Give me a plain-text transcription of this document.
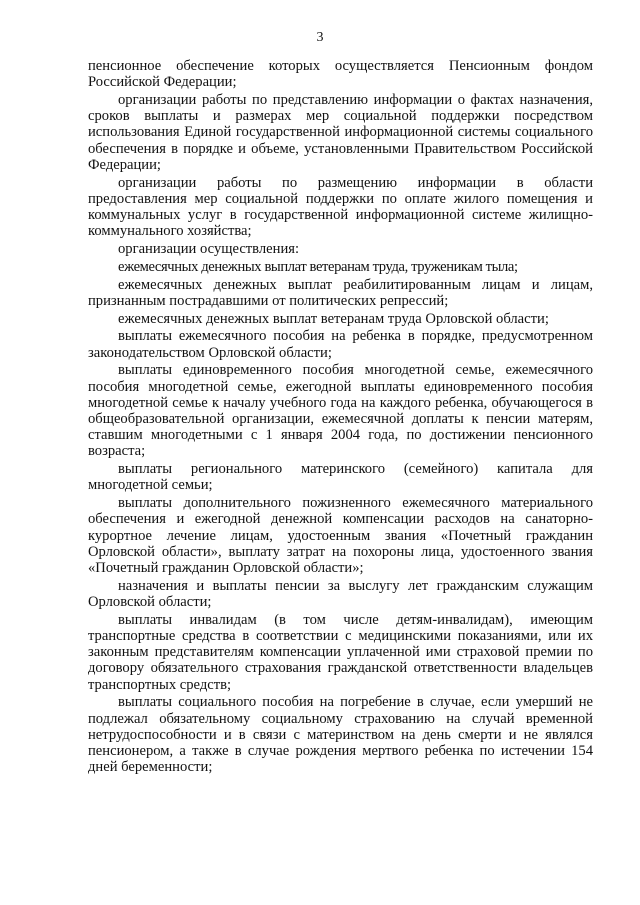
3

пенсионное обеспечение которых осуществляется Пенсионным фондом Российской Федерации;

организации работы по представлению информации о фактах назначения, сроков выплаты и размерах мер социальной поддержки посредством использования Единой государственной информационной системы социального обеспечения в порядке и объеме, установленными Правительством Российской Федерации;

организации работы по размещению информации в области предоставления мер социальной поддержки по оплате жилого помещения и коммунальных услуг в государственной информационной системе жилищно-коммунального хозяйства;

организации осуществления:

ежемесячных денежных выплат ветеранам труда, труженикам тыла;

ежемесячных денежных выплат реабилитированным лицам и лицам, признанным пострадавшими от политических репрессий;

ежемесячных денежных выплат ветеранам труда Орловской области;

выплаты ежемесячного пособия на ребенка в порядке, предусмотренном законодательством Орловской области;

выплаты единовременного пособия многодетной семье, ежемесячного пособия многодетной семье, ежегодной выплаты единовременного пособия многодетной семье к началу учебного года на каждого ребенка, обучающегося в общеобразовательной организации, ежемесячной доплаты к пенсии матерям, ставшим многодетными с 1 января 2004 года, по достижении пенсионного возраста;

выплаты регионального материнского (семейного) капитала для многодетной семьи;

выплаты дополнительного пожизненного ежемесячного материального обеспечения и ежегодной денежной компенсации расходов на санаторно-курортное лечение лицам, удостоенным звания «Почетный гражданин Орловской области», выплату затрат на похороны лица, удостоенного звания «Почетный гражданин Орловской области»;

назначения и выплаты пенсии за выслугу лет гражданским служащим Орловской области;

выплаты инвалидам (в том числе детям-инвалидам), имеющим транспортные средства в соответствии с медицинскими показаниями, или их законным представителям компенсации уплаченной ими страховой премии по договору обязательного страхования гражданской ответственности владельцев транспортных средств;

выплаты социального пособия на погребение в случае, если умерший не подлежал обязательному социальному страхованию на случай временной нетрудоспособности и в связи с материнством на день смерти и не являлся пенсионером, а также в случае рождения мертвого ребенка по истечении 154 дней беременности;
